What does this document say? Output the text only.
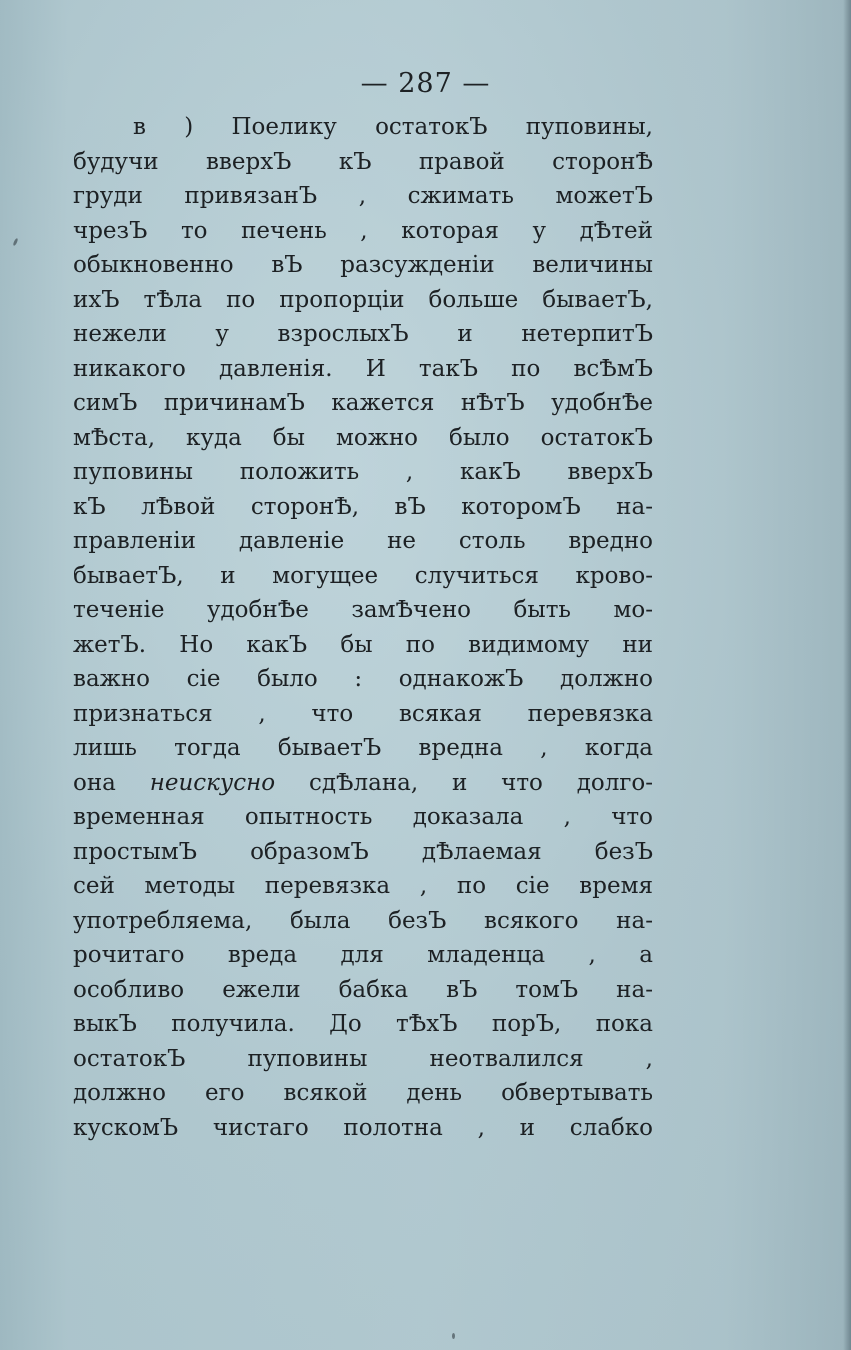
— 287 —
в ) Поелику остатокЪ пуповины,
будучи вверхЪ кЪ правой сторонѢ
груди привязанЪ , сжимать можетЪ
чрезЪ то печень , которая у дѢтей
обыкновенно вЪ разсужденіи величины
ихЪ тѢла по пропорціи больше бываетЪ,
нежели у взрослыхЪ и нетерпитЪ
никакого давленія. И такЪ по всѢмЪ
симЪ причинамЪ кажется нѢтЪ удобнѢе
мѢста, куда бы можно было остатокЪ
пуповины положить , какЪ вверхЪ
кЪ лѢвой сторонѢ, вЪ которомЪ на-
правленіи давленіе не столь вредно
бываетЪ, и могущее случиться крово-
теченіе удобнѢе замѢчено быть мо-
жетЪ. Но какЪ бы по видимому ни
важно сіе было : однакожЪ должно
признаться , что всякая перевязка
лишь тогда бываетЪ вредна , когда
она неискусно сдѢлана, и что долго-
временная опытность доказала , что
простымЪ образомЪ дѢлаемая безЪ
сей методы перевязка , по сіе время
употребляема, была безЪ всякого на-
рочитаго вреда для младенца , а
особливо ежели бабка вЪ томЪ на-
выкЪ получила. До тѢхЪ порЪ, пока
остатокЪ пуповины неотвалился ,
должно его всякой день обвертывать
кускомЪ чистаго полотна , и слабко
